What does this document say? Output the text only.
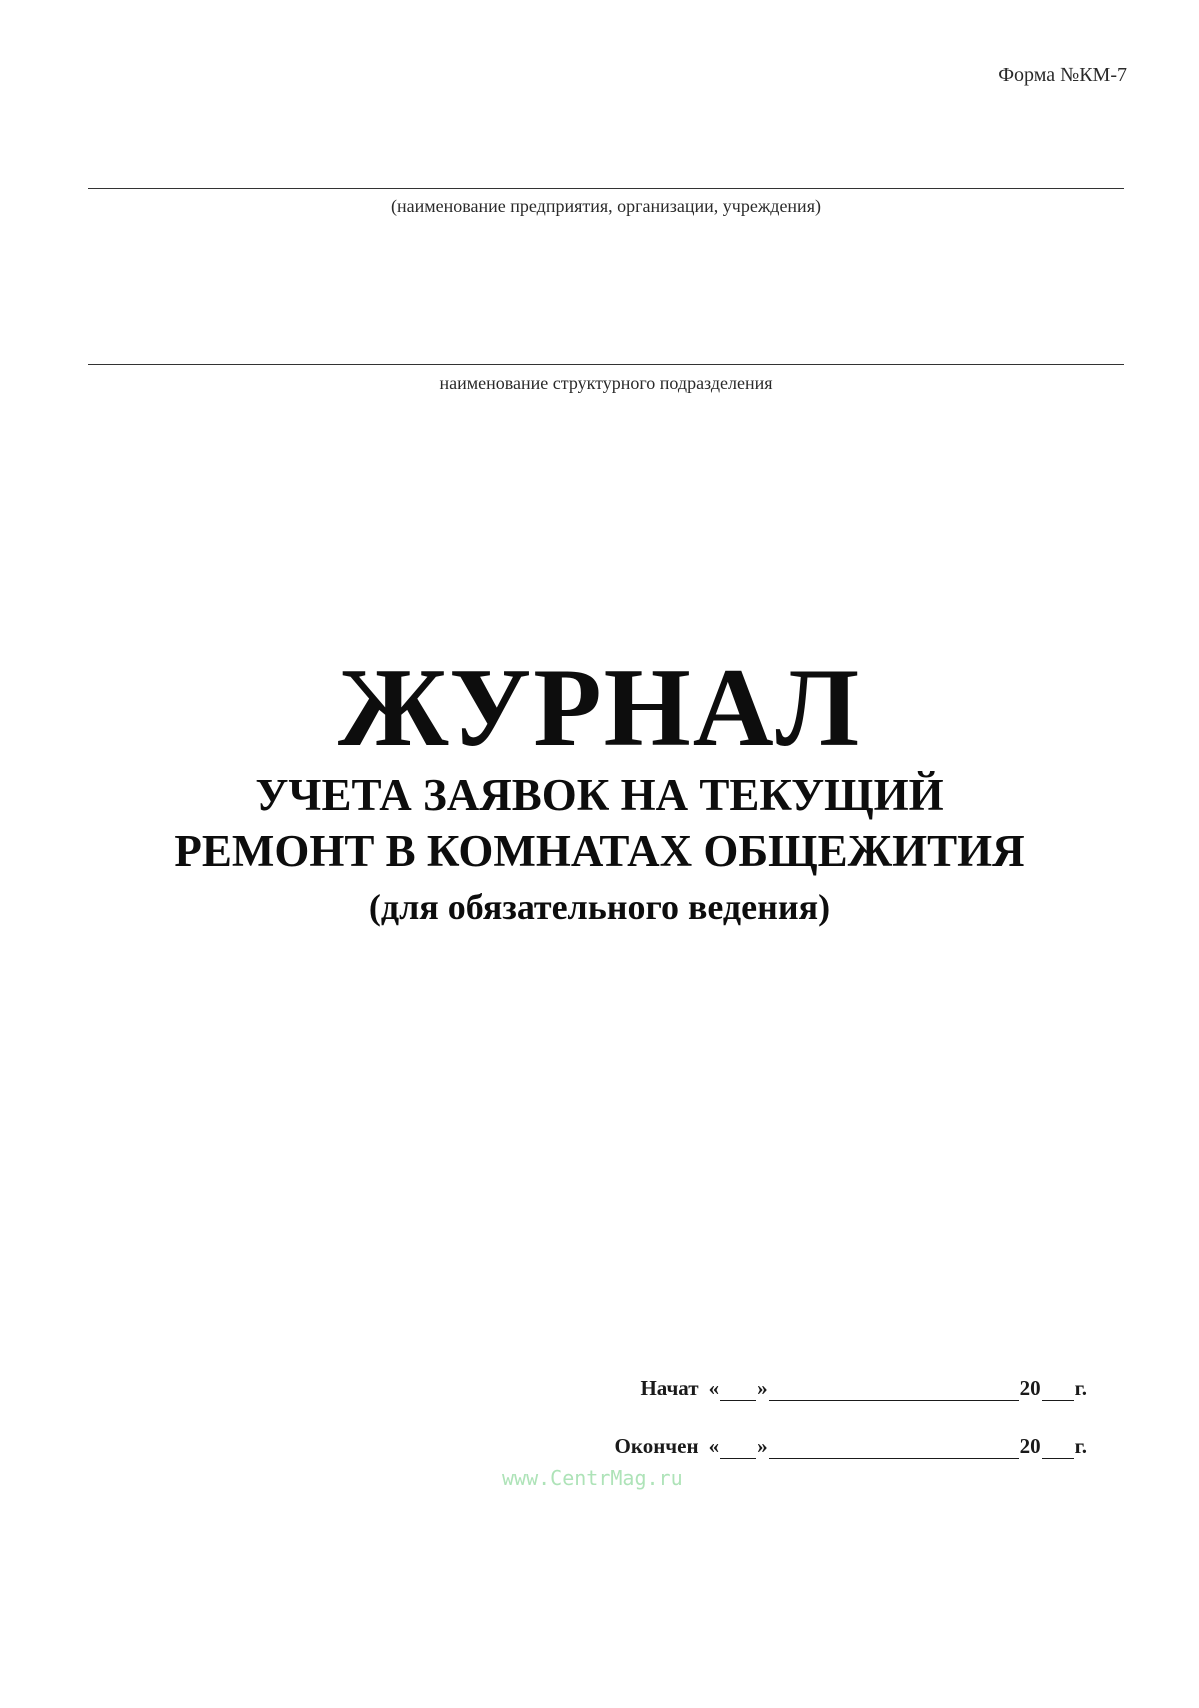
Форма №КМ-7
(наименование предприятия, организации, учреждения)
наименование структурного подразделения
ЖУРНАЛ
УЧЕТА ЗАЯВОК НА ТЕКУЩИЙ
РЕМОНТ В КОМНАТАХ ОБЩЕЖИТИЯ
(для обязательного ведения)
Начат « »	20 г.
Окончен « »	20 г.
www.CentrMag.ru
